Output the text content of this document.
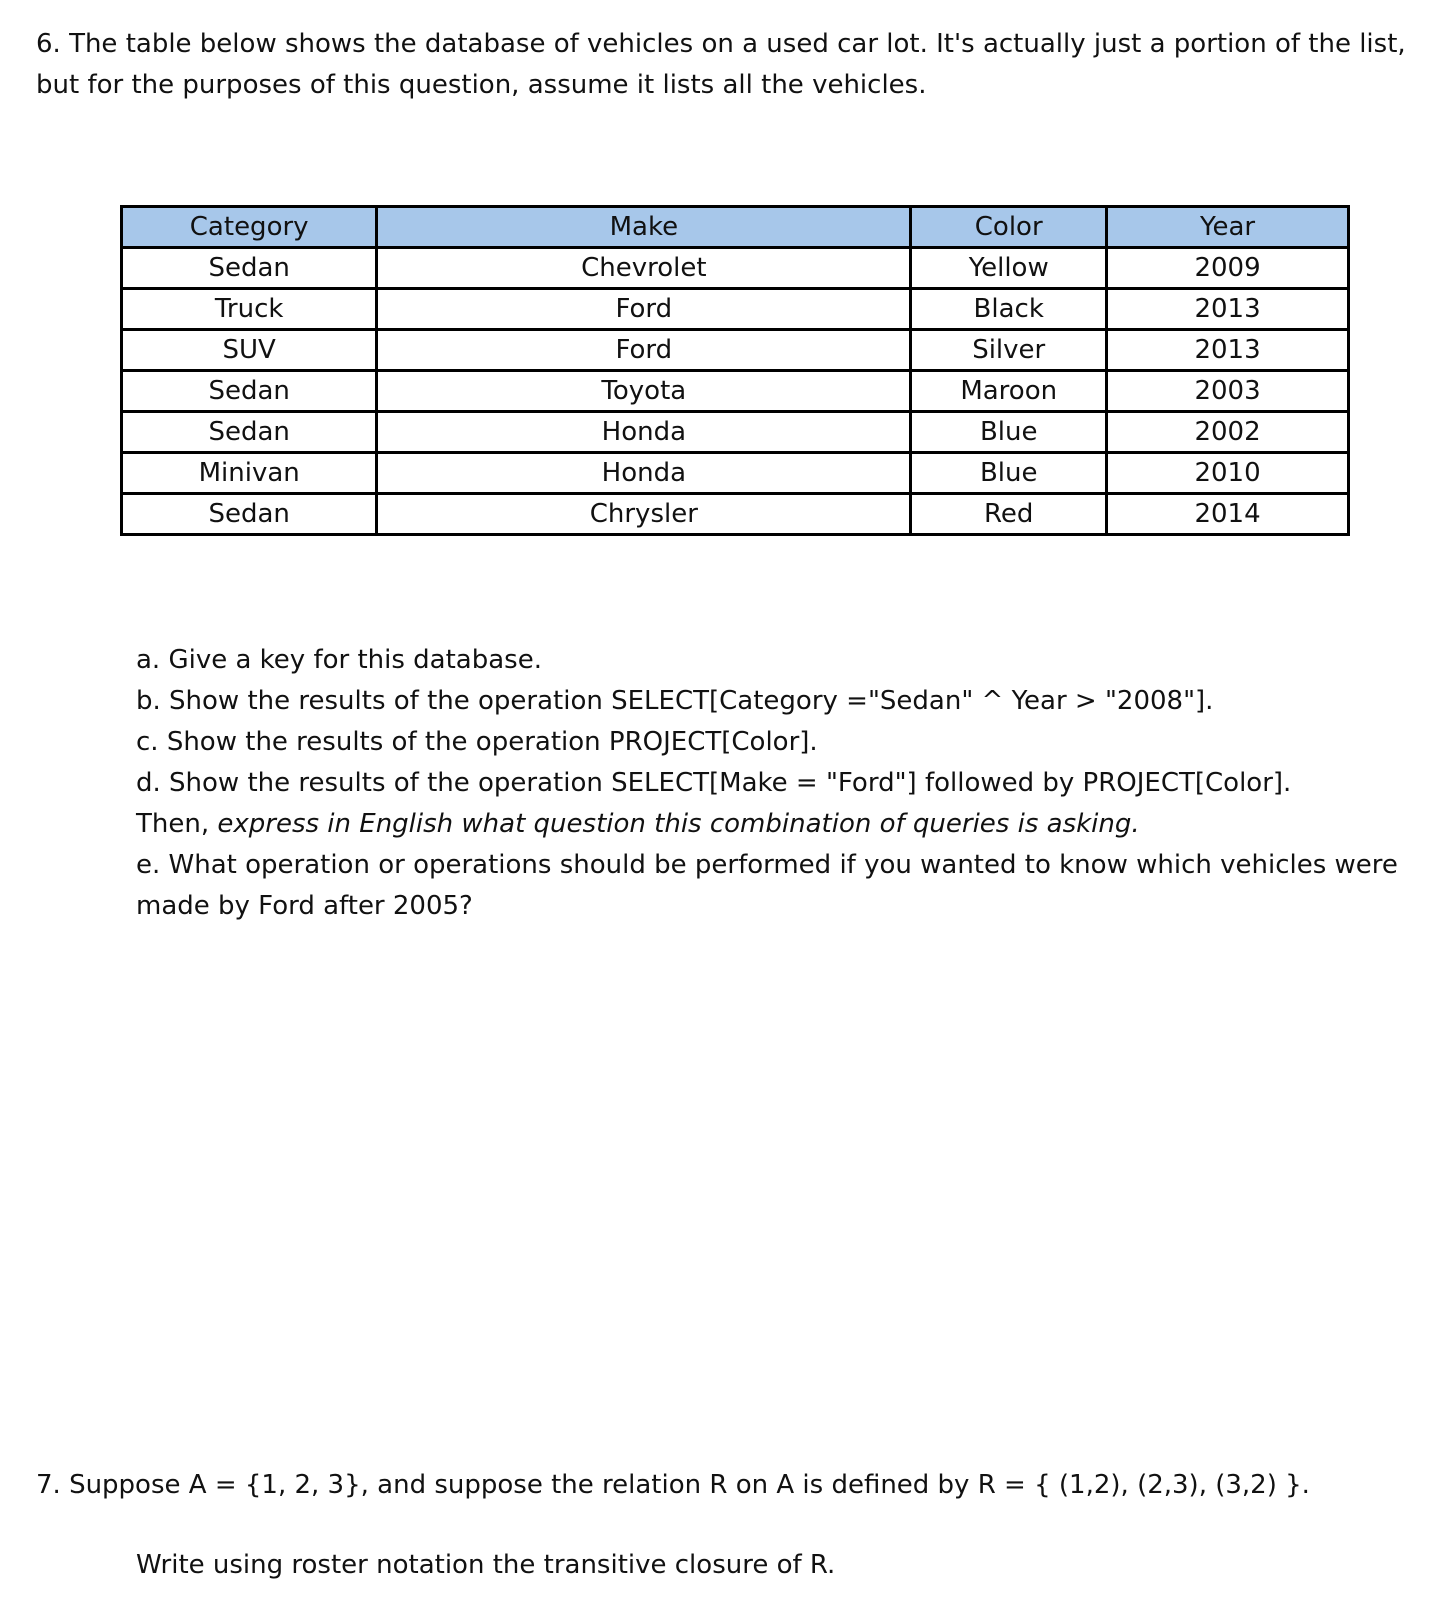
6. The table below shows the database of vehicles on a used car lot. It's actually just a portion of the list, but for the purposes of this question, assume it lists all the vehicles.

Category	Make	Color	Year
Sedan	Chevrolet	Yellow	2009
Truck	Ford	Black	2013
SUV	Ford	Silver	2013
Sedan	Toyota	Maroon	2003
Sedan	Honda	Blue	2002
Minivan	Honda	Blue	2010
Sedan	Chrysler	Red	2014

a. Give a key for this database.

b. Show the results of the operation SELECT[Category ="Sedan" ^ Year > "2008"].

c. Show the results of the operation PROJECT[Color].

d. Show the results of the operation SELECT[Make = "Ford"] followed by PROJECT[Color].

Then, express in English what question this combination of queries is asking.

e. What operation or operations should be performed if you wanted to know which vehicles were made by Ford after 2005?

7. Suppose A = {1, 2, 3}, and suppose the relation R on A is defined by R = { (1,2), (2,3), (3,2) }.

Write using roster notation the transitive closure of R.
